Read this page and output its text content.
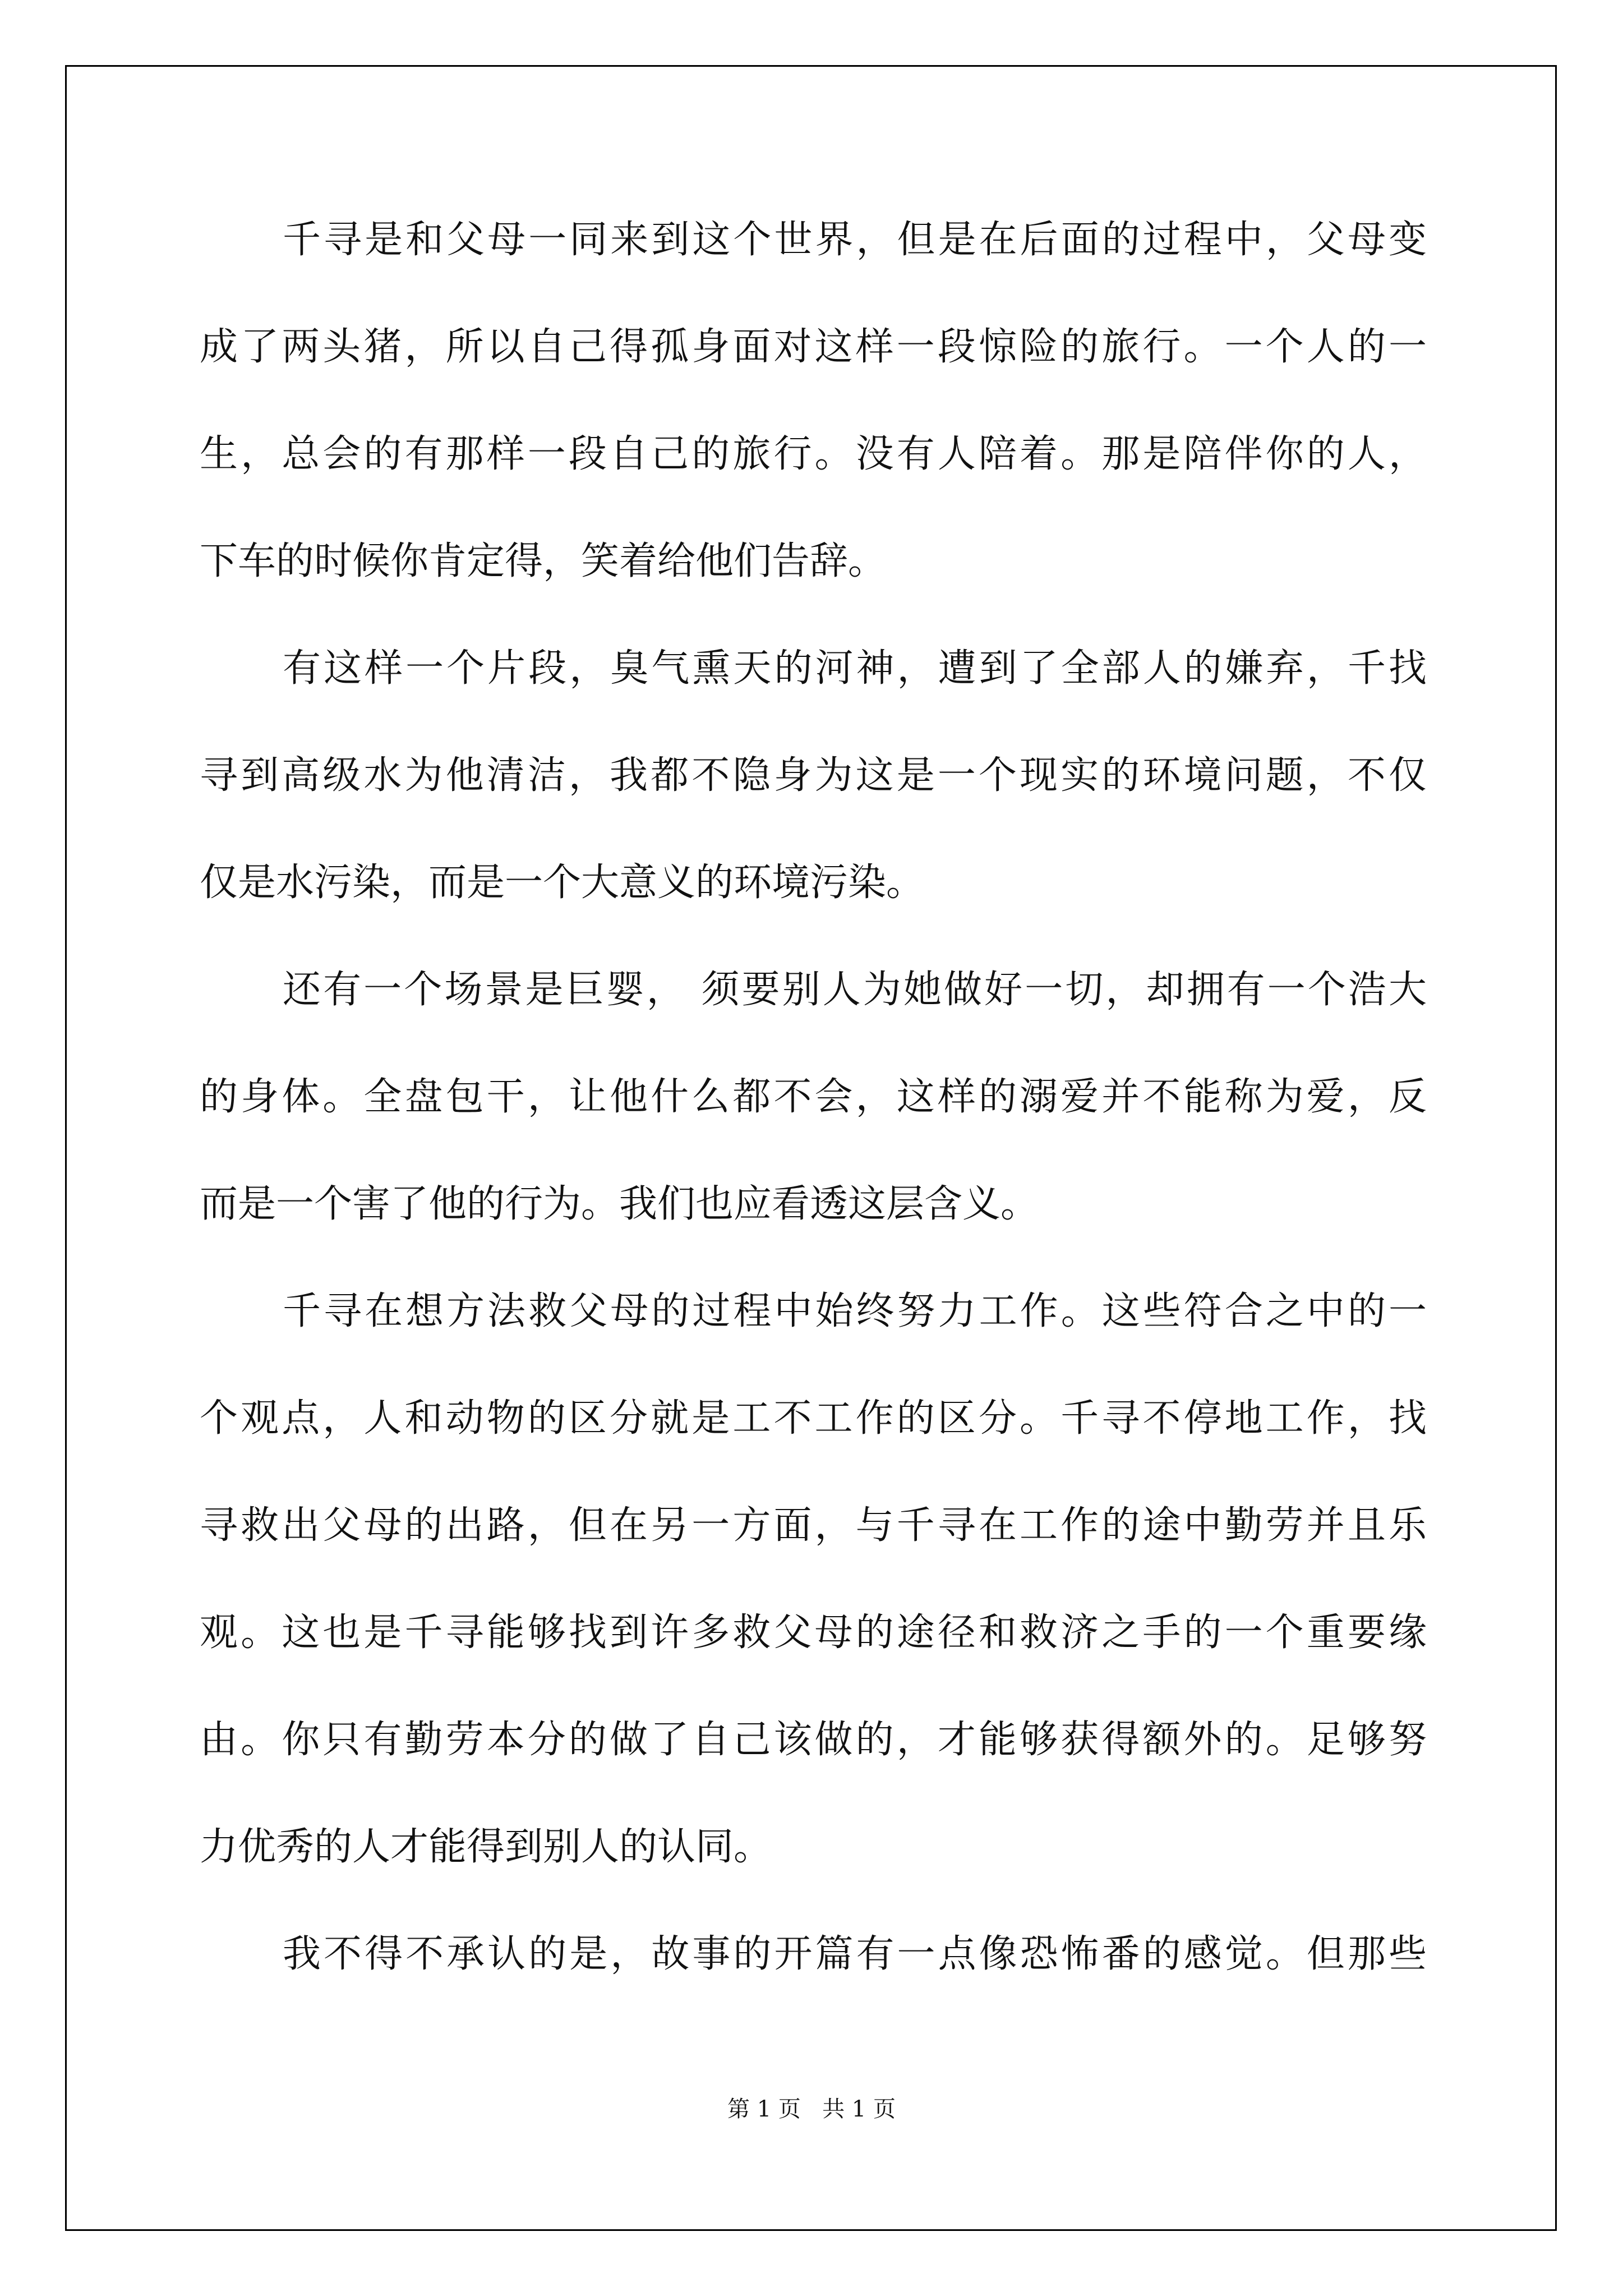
千寻是和父母一同来到这个世界，但是在后面的过程中，父母变
成了两头猪，所以自己得孤身面对这样一段惊险的旅行。一个人的一
生，总会的有那样一段自己的旅行。没有人陪着。那是陪伴你的人，
下车的时候你肯定得，笑着给他们告辞。
有这样一个片段，臭气熏天的河神，遭到了全部人的嫌弃，千找
寻到高级水为他清洁，我都不隐身为这是一个现实的环境问题，不仅
仅是水污染，而是一个大意义的环境污染。
还有一个场景是巨婴， 须要别人为她做好一切，却拥有一个浩大
的身体。全盘包干，让他什么都不会，这样的溺爱并不能称为爱，反
而是一个害了他的行为。我们也应看透这层含义。
千寻在想方法救父母的过程中始终努力工作。这些符合之中的一
个观点，人和动物的区分就是工不工作的区分。千寻不停地工作，找
寻救出父母的出路，但在另一方面，与千寻在工作的途中勤劳并且乐
观。这也是千寻能够找到许多救父母的途径和救济之手的一个重要缘
由。你只有勤劳本分的做了自己该做的，才能够获得额外的。足够努
力优秀的人才能得到别人的认同。
我不得不承认的是，故事的开篇有一点像恐怖番的感觉。但那些
第 1 页   共 1 页
